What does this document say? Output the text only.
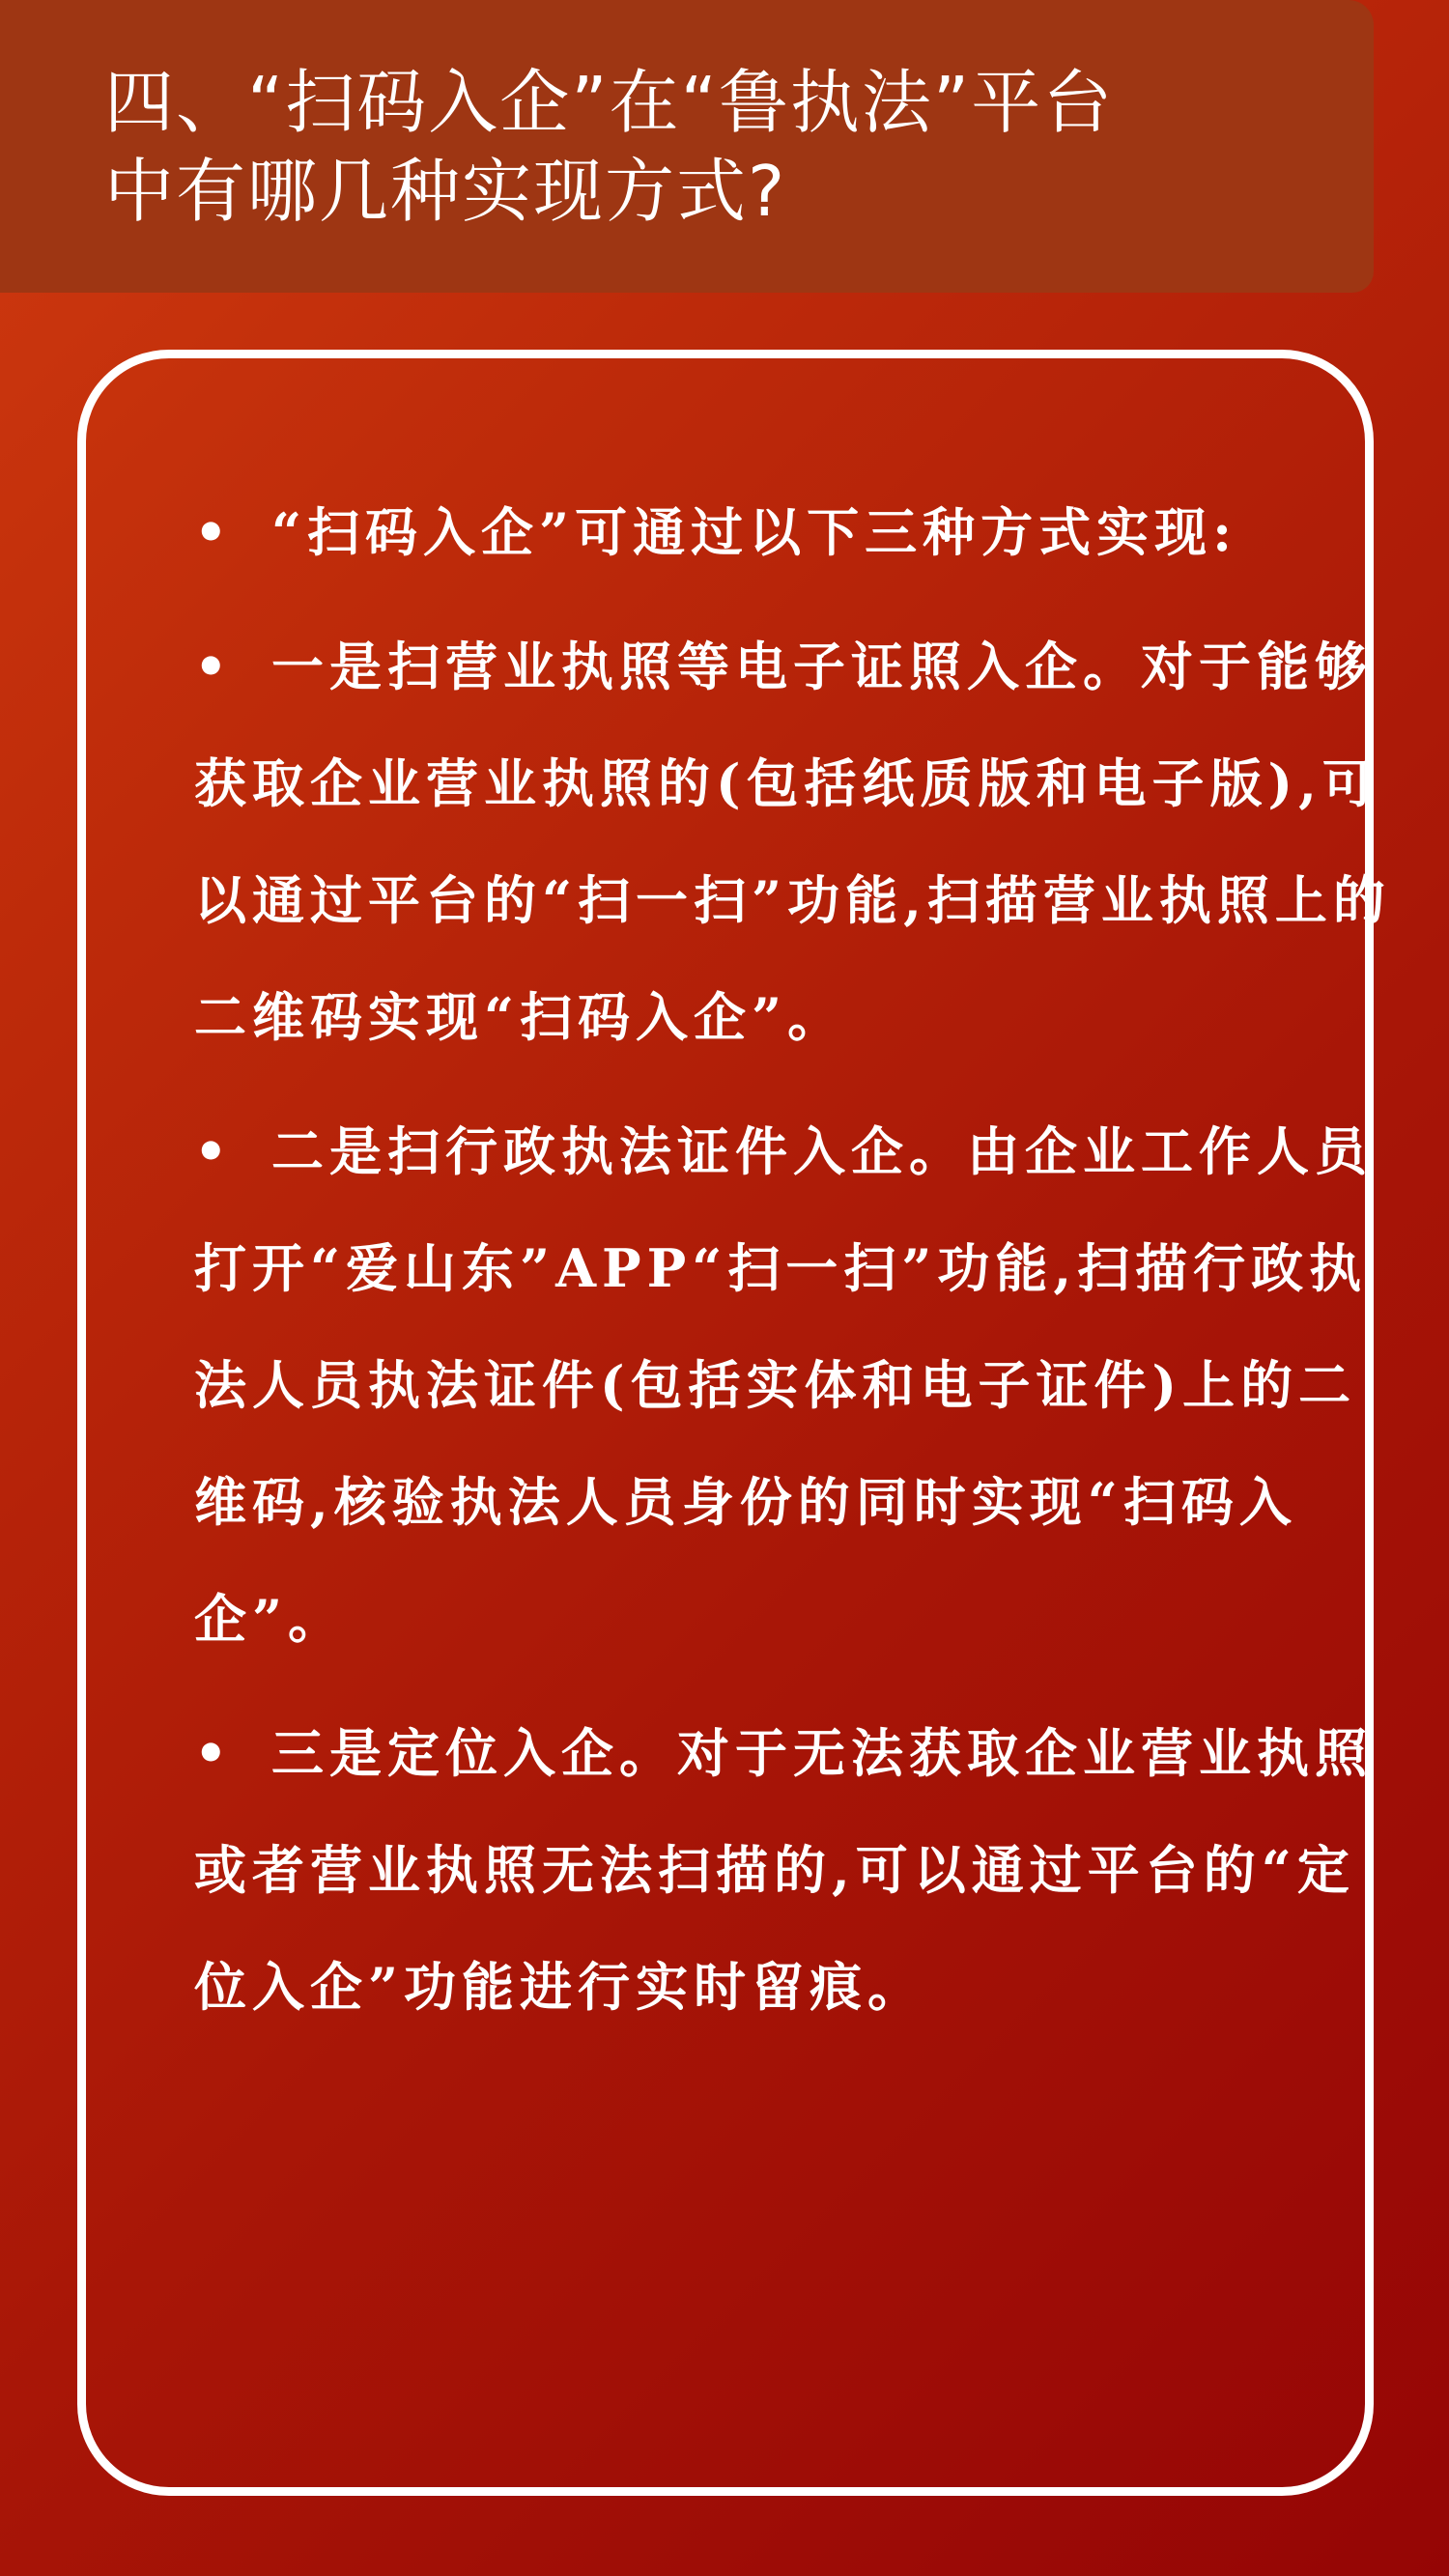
四、“扫码入企”在“鲁执法”平台
中有哪几种实现方式?
• “扫码入企”可通过以下三种方式实现:
• 一是扫营业执照等电子证照入企。对于能够获取企业营业执照的(包括纸质版和电子版),可以通过平台的“扫一扫”功能,扫描营业执照上的二维码实现“扫码入企”。
• 二是扫行政执法证件入企。由企业工作人员打开“爱山东”APP“扫一扫”功能,扫描行政执法人员执法证件(包括实体和电子证件)上的二维码,核验执法人员身份的同时实现“扫码入企”。
• 三是定位入企。对于无法获取企业营业执照或者营业执照无法扫描的,可以通过平台的“定位入企”功能进行实时留痕。
